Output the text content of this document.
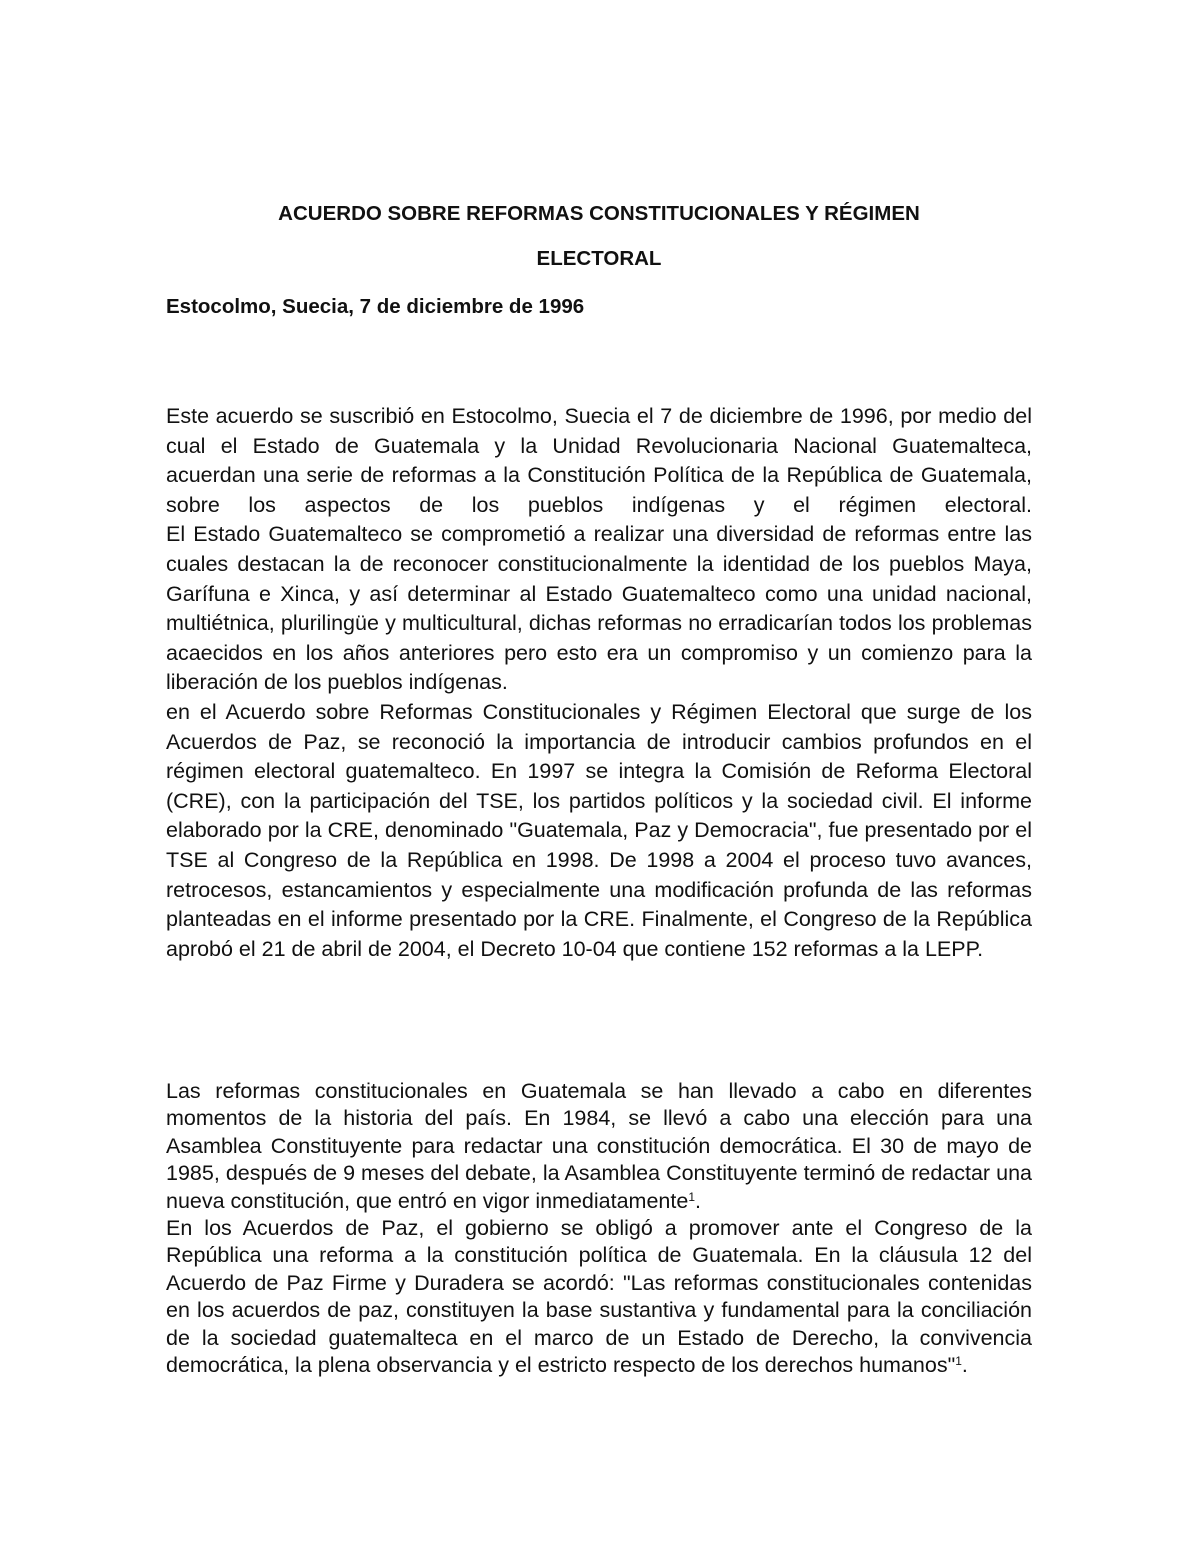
ACUERDO SOBRE REFORMAS CONSTITUCIONALES Y RÉGIMEN
ELECTORAL

Estocolmo, Suecia, 7 de diciembre de 1996

Este acuerdo se suscribió en Estocolmo, Suecia el 7 de diciembre de 1996, por medio del cual el Estado de Guatemala y la Unidad Revolucionaria Nacional Guatemalteca, acuerdan una serie de reformas a la Constitución Política de la República de Guatemala, sobre los aspectos de los pueblos indígenas y el régimen electoral.
El Estado Guatemalteco se comprometió a realizar una diversidad de reformas entre las cuales destacan la de reconocer constitucionalmente la identidad de los pueblos Maya, Garífuna e Xinca, y así determinar al Estado Guatemalteco como una unidad nacional, multiétnica, plurilingüe y multicultural, dichas reformas no erradicarían todos los problemas acaecidos en los años anteriores pero esto era un compromiso y un comienzo para la liberación de los pueblos indígenas.
en el Acuerdo sobre Reformas Constitucionales y Régimen Electoral que surge de los Acuerdos de Paz, se reconoció la importancia de introducir cambios profundos en el régimen electoral guatemalteco. En 1997 se integra la Comisión de Reforma Electoral (CRE), con la participación del TSE, los partidos políticos y la sociedad civil. El informe elaborado por la CRE, denominado "Guatemala, Paz y Democracia", fue presentado por el TSE al Congreso de la República en 1998. De 1998 a 2004 el proceso tuvo avances, retrocesos, estancamientos y especialmente una modificación profunda de las reformas planteadas en el informe presentado por la CRE. Finalmente, el Congreso de la República aprobó el 21 de abril de 2004, el Decreto 10-04 que contiene 152 reformas a la LEPP.
Las reformas constitucionales en Guatemala se han llevado a cabo en diferentes momentos de la historia del país. En 1984, se llevó a cabo una elección para una Asamblea Constituyente para redactar una constitución democrática. El 30 de mayo de 1985, después de 9 meses del debate, la Asamblea Constituyente terminó de redactar una nueva constitución, que entró en vigor inmediatamente$^1$.
En los Acuerdos de Paz, el gobierno se obligó a promover ante el Congreso de la República una reforma a la constitución política de Guatemala. En la cláusula 12 del Acuerdo de Paz Firme y Duradera se acordó: "Las reformas constitucionales contenidas en los acuerdos de paz, constituyen la base sustantiva y fundamental para la conciliación de la sociedad guatemalteca en el marco de un Estado de Derecho, la convivencia democrática, la plena observancia y el estricto respecto de los derechos humanos"$^1$.
